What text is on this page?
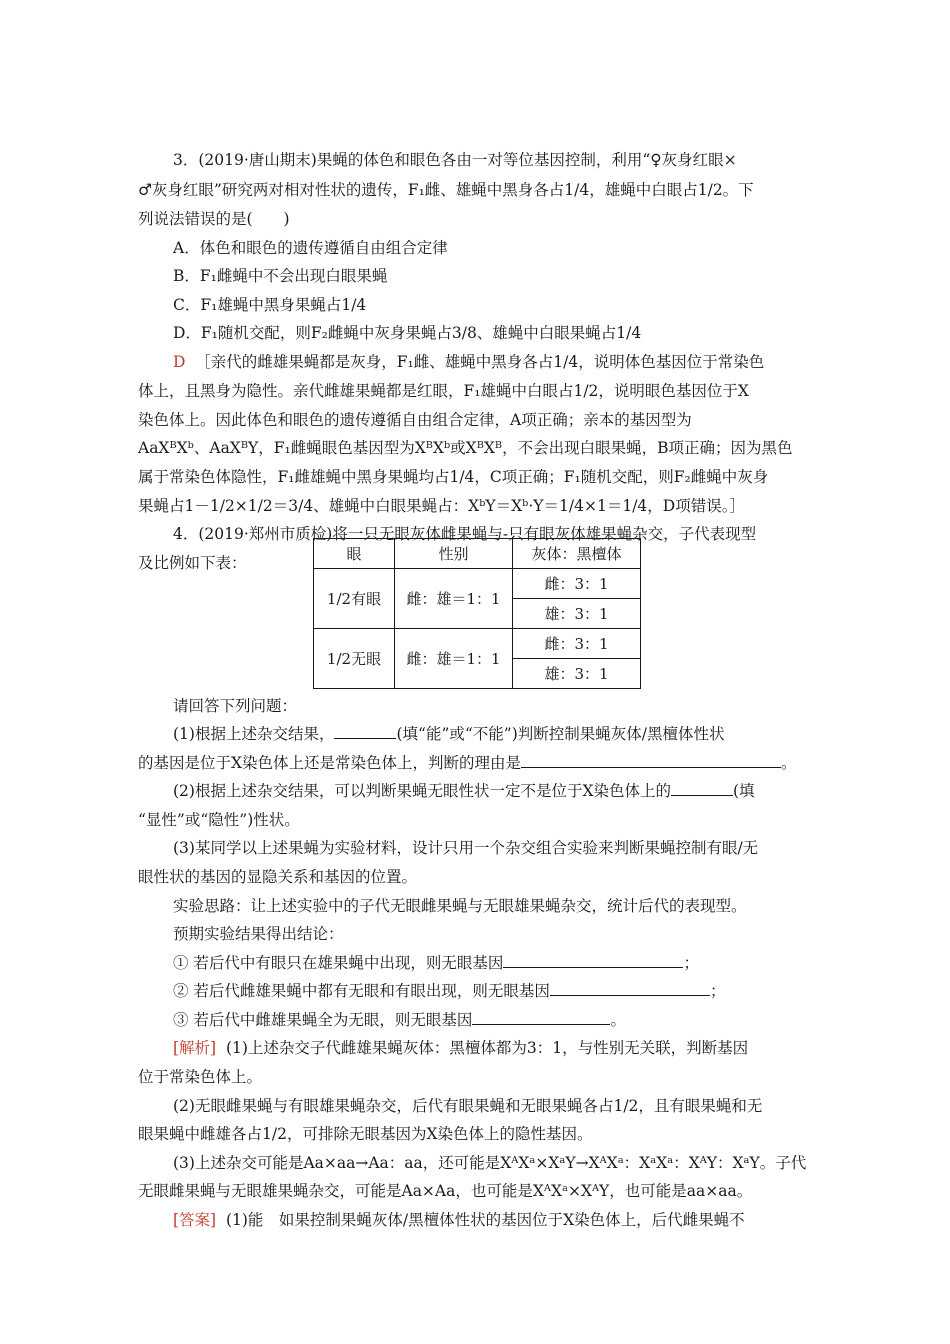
3．(2019·唐山期末)果蝇的体色和眼色各由一对等位基因控制，利用“♀灰身红眼×
♂灰身红眼”研究两对相对性状的遗传，F₁雌、雄蝇中黑身各占1/4，雄蝇中白眼占1/2。下
列说法错误的是(　　)
A．体色和眼色的遗传遵循自由组合定律
B．F₁雌蝇中不会出现白眼果蝇
C．F₁雄蝇中黑身果蝇占1/4
D．F₁随机交配，则F₂雌蝇中灰身果蝇占3/8、雄蝇中白眼果蝇占1/4
D ［亲代的雌雄果蝇都是灰身，F₁雌、雄蝇中黑身各占1/4，说明体色基因位于常染色
体上，且黑身为隐性。亲代雌雄果蝇都是红眼，F₁雄蝇中白眼占1/2，说明眼色基因位于X
染色体上。因此体色和眼色的遗传遵循自由组合定律，A项正确；亲本的基因型为
AaXᴮXᵇ、AaXᴮY，F₁雌蝇眼色基因型为XᴮXᵇ或XᴮXᴮ，不会出现白眼果蝇，B项正确；因为黑色
属于常染色体隐性，F₁雌雄蝇中黑身果蝇均占1/4，C项正确；F₁随机交配，则F₂雌蝇中灰身
果蝇占1－1/2×1/2＝3/4、雄蝇中白眼果蝇占：XᵇY＝Xᵇ·Y＝1/4×1＝1/4，D项错误。］
4．(2019·郑州市质检)将一只无眼灰体雌果蝇与-只有眼灰体雄果蝇杂交，子代表现型
及比例如下表：	眼	性别	灰体：黑檀体
1/2有眼	雌：雄＝1：1	雌：3：1
		雄：3：1
1/2无眼	雌：雄＝1：1	雌：3：1
		雄：3：1
请回答下列问题：
(1)根据上述杂交结果，	(填“能”或“不能”)判断控制果蝇灰体/黑檀体性状
的基因是位于X染色体上还是常染色体上，判断的理由是	。
(2)根据上述杂交结果，可以判断果蝇无眼性状一定不是位于X染色体上的	(填
“显性”或“隐性”)性状。
(3)某同学以上述果蝇为实验材料，设计只用一个杂交组合实验来判断果蝇控制有眼/无
眼性状的基因的显隐关系和基因的位置。
实验思路：让上述实验中的子代无眼雌果蝇与无眼雄果蝇杂交，统计后代的表现型。
预期实验结果得出结论：
① 若后代中有眼只在雄果蝇中出现，则无眼基因	；
② 若后代雌雄果蝇中都有无眼和有眼出现，则无眼基因	；
③ 若后代中雌雄果蝇全为无眼，则无眼基因	。
[解析] (1)上述杂交子代雌雄果蝇灰体：黑檀体都为3：1，与性别无关联，判断基因
位于常染色体上。
(2)无眼雌果蝇与有眼雄果蝇杂交，后代有眼果蝇和无眼果蝇各占1/2，且有眼果蝇和无
眼果蝇中雌雄各占1/2，可排除无眼基因为X染色体上的隐性基因。
(3)上述杂交可能是Aa×aa→Aa：aa，还可能是XᴬXᵃ×XᵃY→XᴬXᵃ：XᵃXᵃ：XᴬY：XᵃY。子代
无眼雌果蝇与无眼雄果蝇杂交，可能是Aa×Aa，也可能是XᴬXᵃ×XᴬY，也可能是aa×aa。
[答案] (1)能　如果控制果蝇灰体/黑檀体性状的基因位于X染色体上，后代雌果蝇不
